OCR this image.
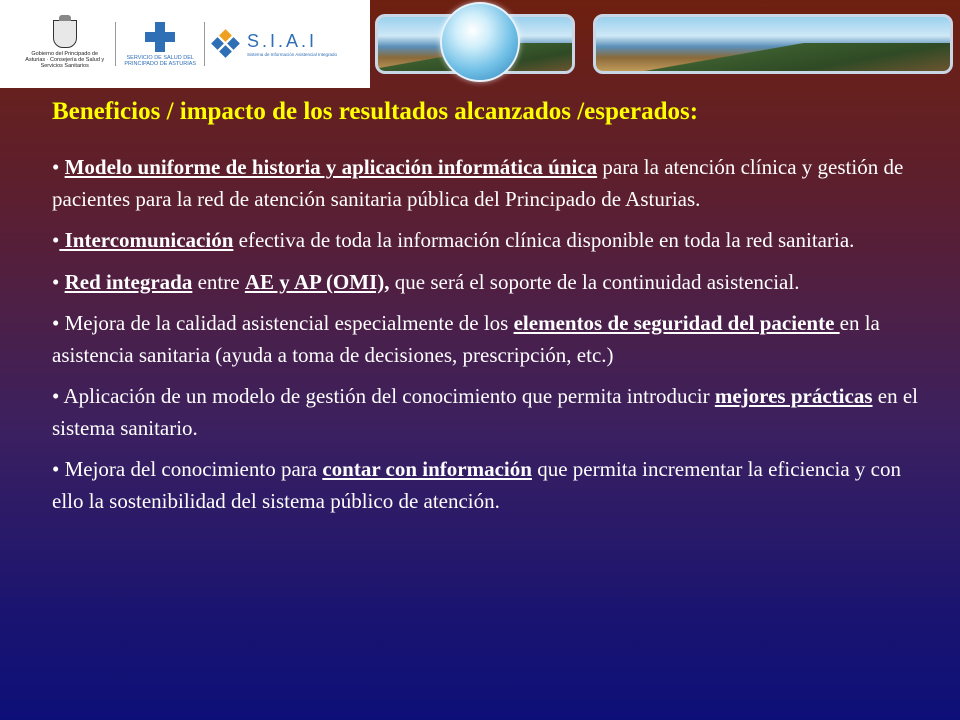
Gobierno del Principado de Asturias · Consejería de Salud y Servicios Sanitarios
SERVICIO DE SALUD DEL PRINCIPADO DE ASTURIAS
S.I.A.I
Sistema de Información Asistencial Integrado
Beneficios / impacto de los resultados alcanzados /esperados:

• Modelo uniforme de historia y aplicación informática única para la atención clínica y gestión de pacientes para la red de atención sanitaria pública del Principado de Asturias.

• Intercomunicación efectiva de toda la información clínica disponible en toda la red sanitaria.

• Red integrada entre AE y AP (OMI), que será el soporte de la continuidad asistencial.

• Mejora de la calidad asistencial especialmente de los elementos de seguridad del paciente en la asistencia sanitaria (ayuda a toma de decisiones, prescripción, etc.)

• Aplicación de un modelo de gestión del conocimiento que permita introducir mejores prácticas en el sistema sanitario.

• Mejora del conocimiento para contar con información que permita incrementar la eficiencia y con ello la sostenibilidad del sistema público de atención.
